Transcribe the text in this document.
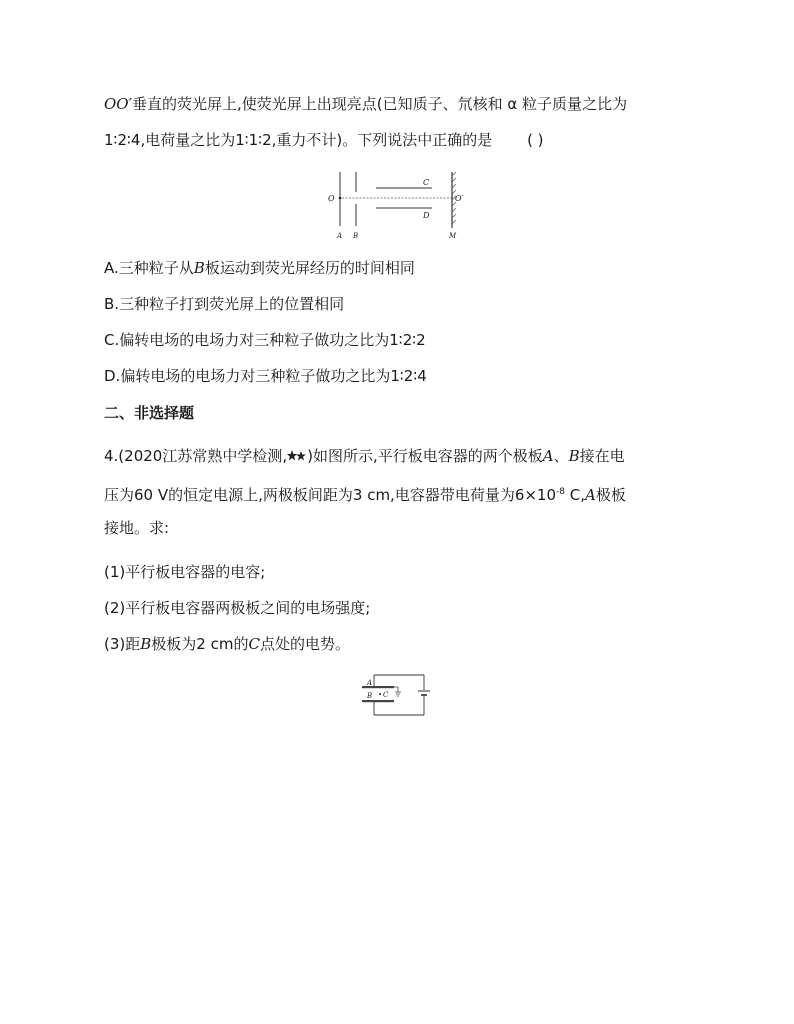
OO′垂直的荧光屏上,使荧光屏上出现亮点(已知质子、氘核和 α 粒子质量之比为
1∶2∶4,电荷量之比为1∶1∶2,重力不计)。下列说法中正确的是 ( )
O	O′
C
D
A B	M
A.三种粒子从B板运动到荧光屏经历的时间相同
B.三种粒子打到荧光屏上的位置相同
C.偏转电场的电场力对三种粒子做功之比为1∶2∶2
D.偏转电场的电场力对三种粒子做功之比为1∶2∶4
二、非选择题
4.(2020江苏常熟中学检测, )如图所示,平行板电容器的两个极板A、B接在电
压为60 V的恒定电源上,两极板间距为3 cm,电容器带电荷量为$6\times 10^{-8}$ C,A极板
接地。求:
(1)平行板电容器的电容;
(2)平行板电容器两极板之间的电场强度;
(3)距B极板为2 cm的C点处的电势。
A
B C
